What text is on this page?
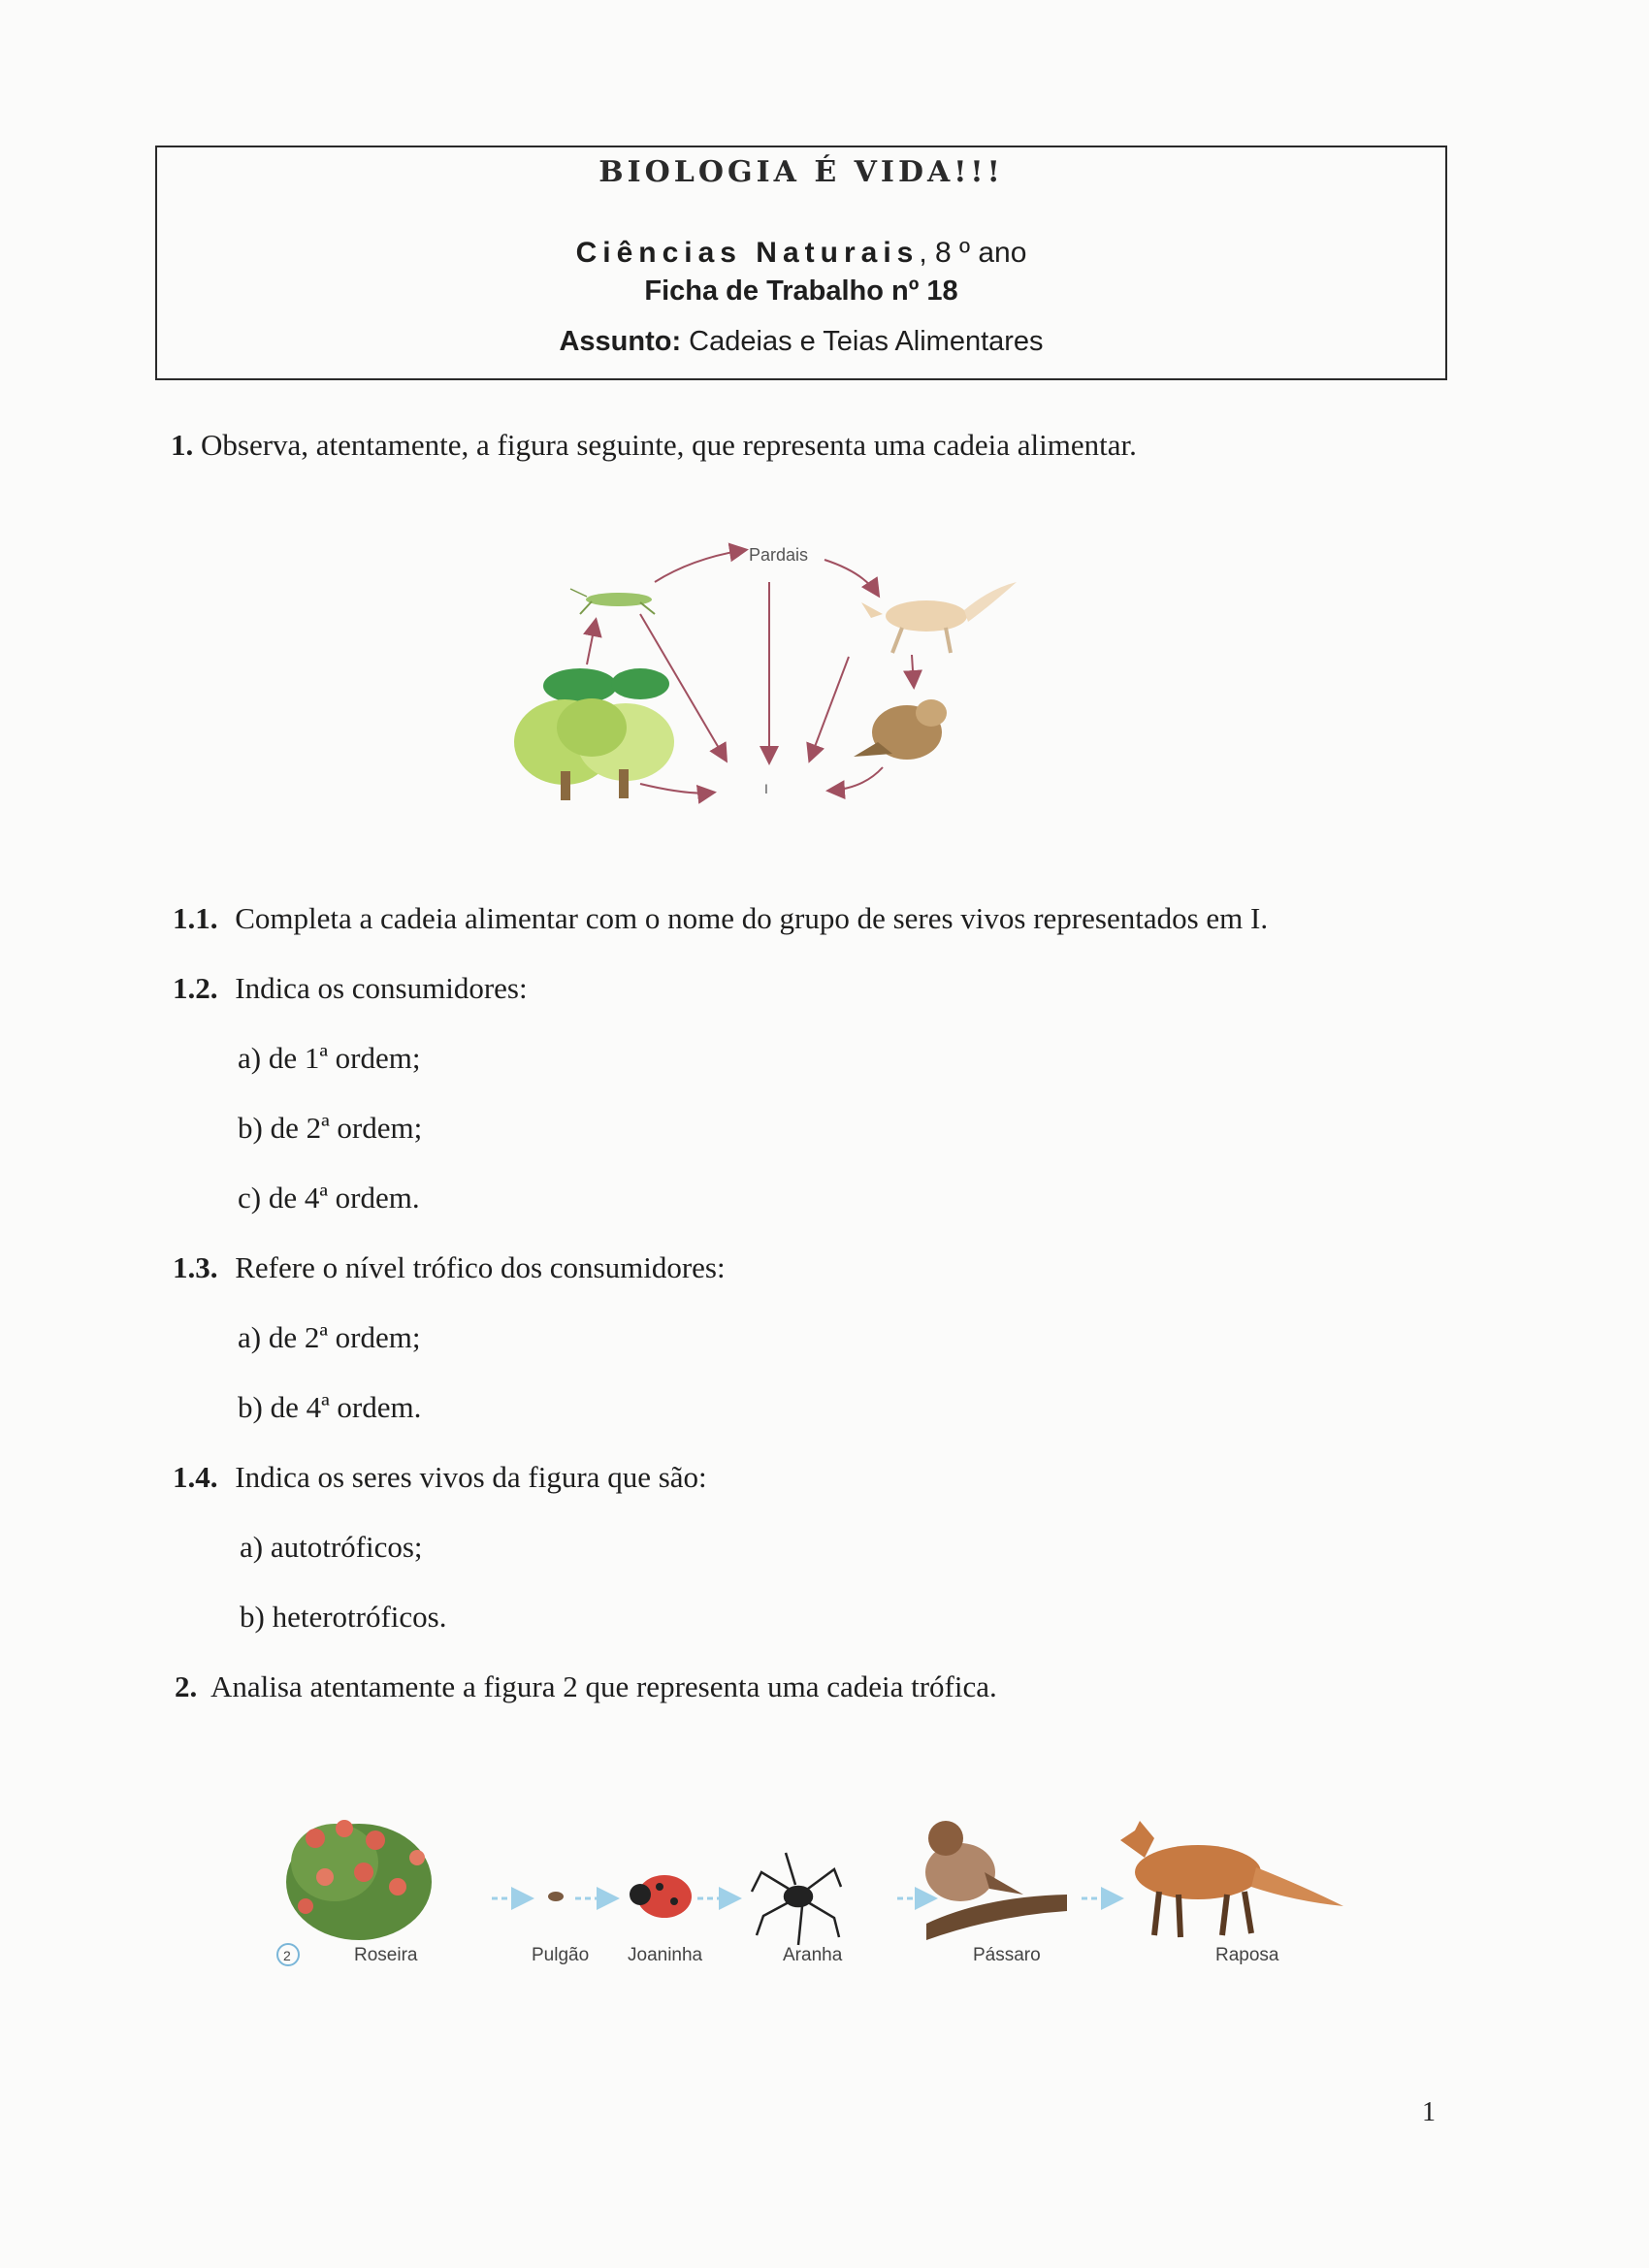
BIOLOGIA É VIDA!!!
Ciências Naturais, 8 º ano
Ficha de Trabalho nº 18
Assunto: Cadeias e Teias Alimentares
1. Observa, atentamente, a figura seguinte, que representa uma cadeia alimentar.
Pardais
I
1.1. Completa a cadeia alimentar com o nome do grupo de seres vivos representados em I.
1.2. Indica os consumidores:
a) de 1ª ordem;
b) de 2ª ordem;
c) de 4ª ordem.
1.3. Refere o nível trófico dos consumidores:
a) de 2ª ordem;
b) de 4ª ordem.
1.4. Indica os seres vivos da figura que são:
a) autotróficos;
b) heterotróficos.
2. Analisa atentamente a figura 2 que representa uma cadeia trófica.
2	Roseira	Pulgão Joaninha	Aranha	Pássaro	Raposa
1
